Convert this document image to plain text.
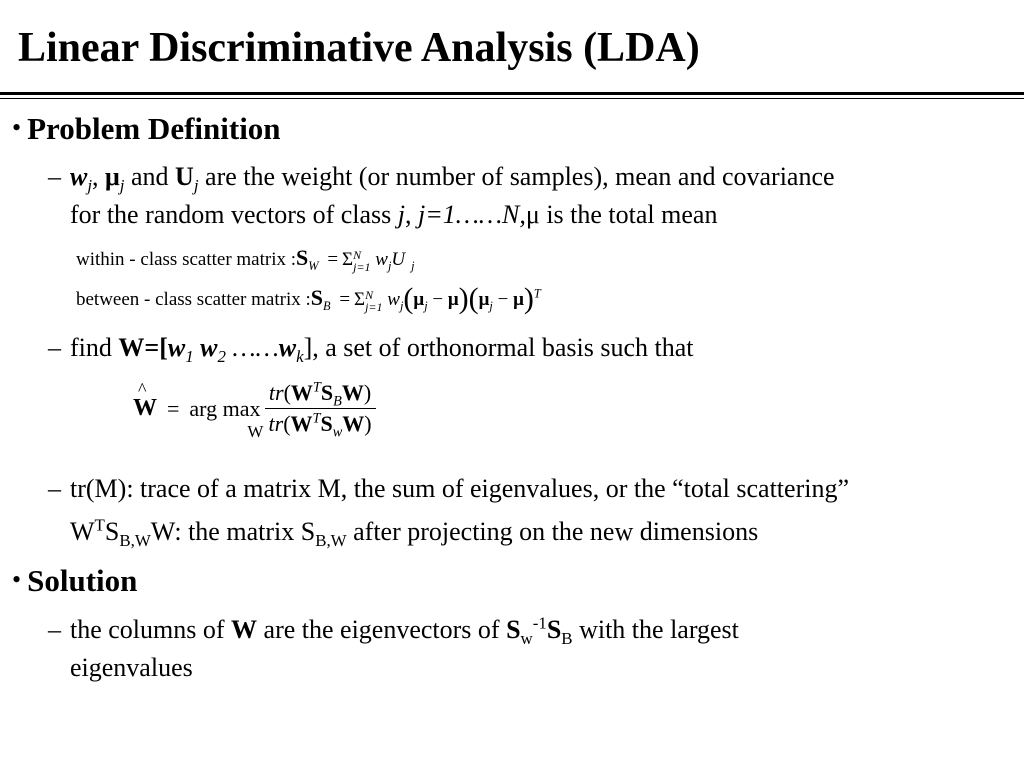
Linear Discriminative Analysis (LDA)
• Problem Definition
– $w_j$, $\mu_j$ and $U_j$ are the weight (or number of samples), mean and covariance
for the random vectors of class j, j=1……N,μ is the total mean
within - class scatter matrix $:S_W = \Sigma$ N
j=1 $w_jU$ $_j$
between - class scatter matrix $:S_B = \Sigma$ N
j=1 $w_j(\mu_j - \mu)(\mu_j - \mu)^T$
– find $W=[w_1$ $w_2$ $\dots\dots w_k$], a set of orthonormal basis such that
^
W = arg max
W
$\frac{tr(W^TS_BW)}{tr(W^TS_wW)}$
– tr(M): trace of a matrix M, the sum of eigenvalues, or the “total scattering”
$W^TS_{B,W}W$: the matrix $S_{B,W}$ after projecting on the new dimensions
• Solution
– the columns of W are the eigenvectors of $S_w^{-1}S_B$ with the largest
eigenvalues
